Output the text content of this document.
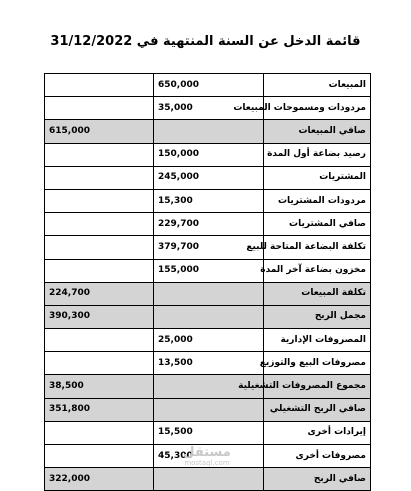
قائمة الدخل عن السنة المنتهية في 31/12/2022
المبيعات	650,000	
مردودات ومسموحات المبيعات	35,000	
صافي المبيعات		615,000
رصيد بضاعة أول المدة	150,000	
المشتريات	245,000	
مردودات المشتريات	15,300	
صافي المشتريات	229,700	
تكلفة البضاعة المتاحة للبيع	379,700	
مخزون بضاعة آخر المدة	155,000	
تكلفة المبيعات		224,700
مجمل الربح		390,300
المصروفات الإدارية	25,000	
مصروفات البيع والتوزيع	13,500	
مجموع المصروفات التشغيلية		38,500
صافي الربح التشغيلي		351,800
إيرادات أخرى	15,500	
مصروفات أخرى	45,300	
صافي الربح		322,000
مستقل
mostaql.com
